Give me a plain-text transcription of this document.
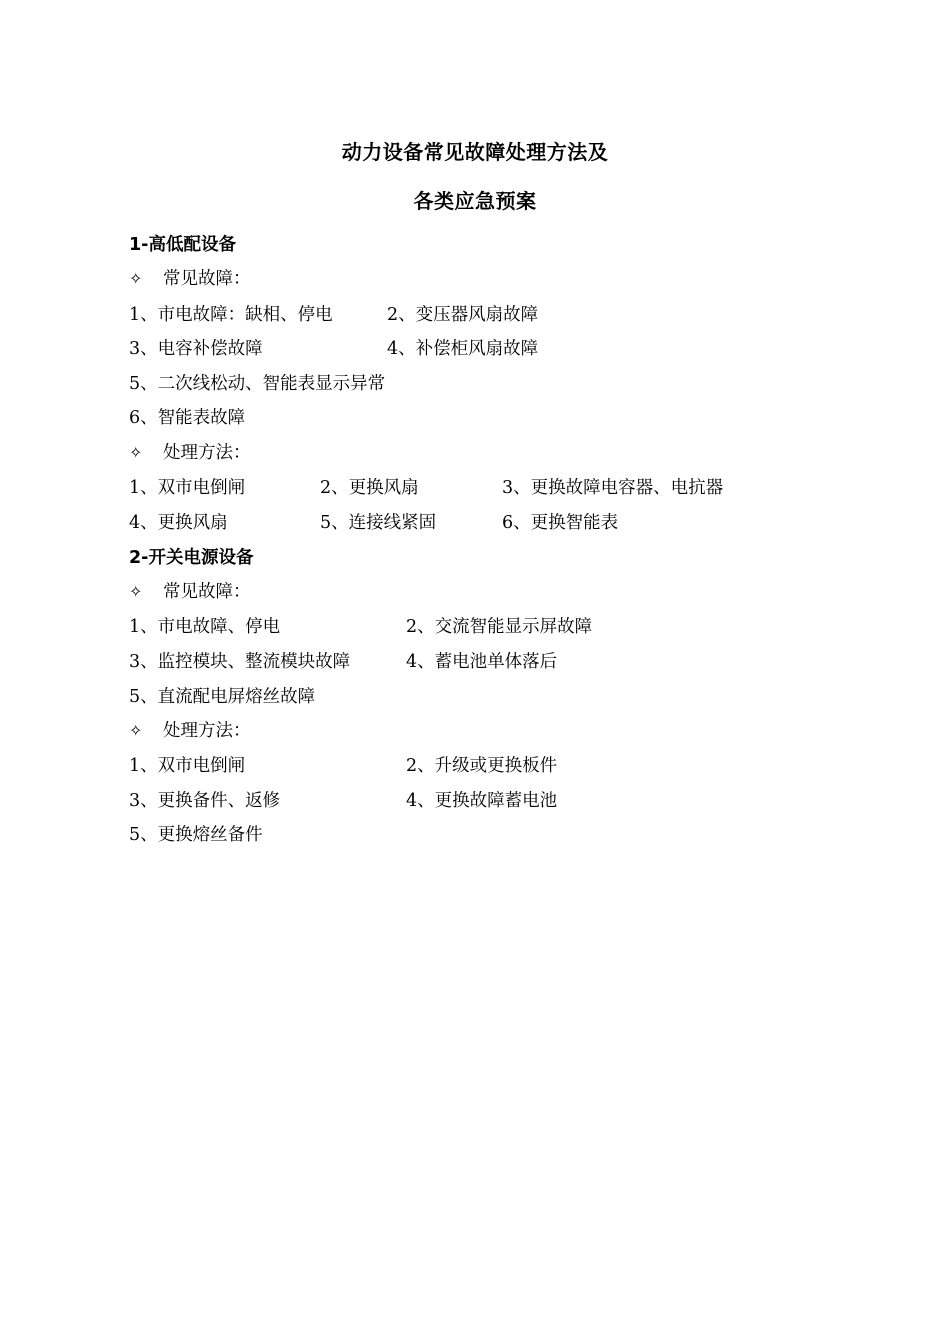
动力设备常见故障处理方法及
各类应急预案
1-高低配设备
✧ 常见故障：
1、市电故障：缺相、停电	2、变压器风扇故障
3、电容补偿故障	4、补偿柜风扇故障
5、二次线松动、智能表显示异常
6、智能表故障
✧ 处理方法：
1、双市电倒闸	2、更换风扇	3、更换故障电容器、电抗器
4、更换风扇	5、连接线紧固	6、更换智能表
2-开关电源设备
✧ 常见故障：
1、市电故障、停电	2、交流智能显示屏故障
3、监控模块、整流模块故障	4、蓄电池单体落后
5、直流配电屏熔丝故障
✧ 处理方法：
1、双市电倒闸	2、升级或更换板件
3、更换备件、返修	4、更换故障蓄电池
5、更换熔丝备件
